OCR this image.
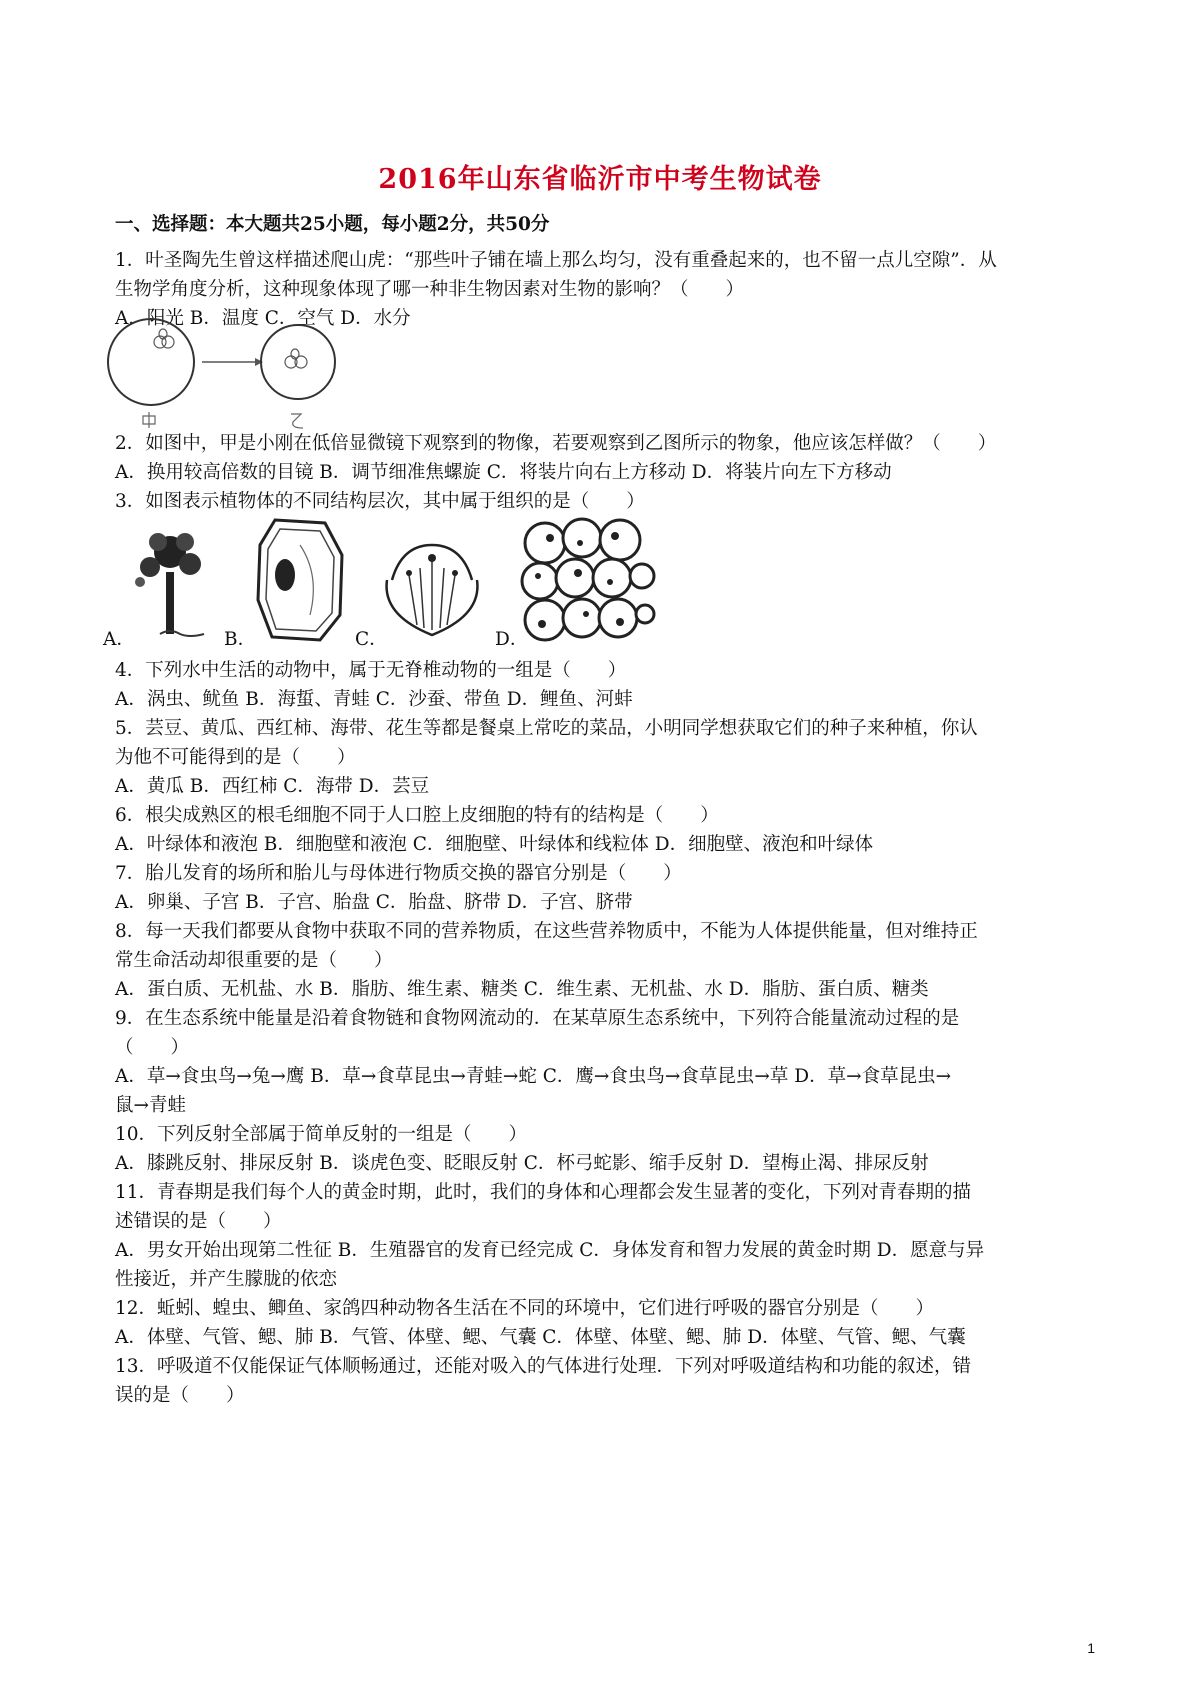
2016年山东省临沂市中考生物试卷
一、选择题：本大题共25小题，每小题2分，共50分
1．叶圣陶先生曾这样描述爬山虎：“那些叶子铺在墙上那么均匀，没有重叠起来的，也不留一点儿空隙”．从
生物学角度分析，这种现象体现了哪一种非生物因素对生物的影响？（　　）
A．阳光 B．温度 C．空气 D．水分
2．如图中，甲是小刚在低倍显微镜下观察到的物像，若要观察到乙图所示的物象，他应该怎样做？（　　）
A．换用较高倍数的目镜 B．调节细准焦螺旋 C．将装片向右上方移动 D．将装片向左下方移动
3．如图表示植物体的不同结构层次，其中属于组织的是（　　）
A．	B．	C．	D．
4．下列水中生活的动物中，属于无脊椎动物的一组是（　　）
A．涡虫、鱿鱼 B．海蜇、青蛙 C．沙蚕、带鱼 D．鲤鱼、河蚌
5．芸豆、黄瓜、西红柿、海带、花生等都是餐桌上常吃的菜品，小明同学想获取它们的种子来种植，你认
为他不可能得到的是（　　）
A．黄瓜 B．西红柿 C．海带 D．芸豆
6．根尖成熟区的根毛细胞不同于人口腔上皮细胞的特有的结构是（　　）
A．叶绿体和液泡 B．细胞壁和液泡 C．细胞壁、叶绿体和线粒体 D．细胞壁、液泡和叶绿体
7．胎儿发育的场所和胎儿与母体进行物质交换的器官分别是（　　）
A．卵巢、子宫 B．子宫、胎盘 C．胎盘、脐带 D．子宫、脐带
8．每一天我们都要从食物中获取不同的营养物质，在这些营养物质中，不能为人体提供能量，但对维持正
常生命活动却很重要的是（　　）
A．蛋白质、无机盐、水 B．脂肪、维生素、糖类 C．维生素、无机盐、水 D．脂肪、蛋白质、糖类
9．在生态系统中能量是沿着食物链和食物网流动的．在某草原生态系统中，下列符合能量流动过程的是
（　　）
A．草→食虫鸟→兔→鹰 B．草→食草昆虫→青蛙→蛇 C．鹰→食虫鸟→食草昆虫→草 D．草→食草昆虫→
鼠→青蛙
10．下列反射全部属于简单反射的一组是（　　）
A．膝跳反射、排尿反射 B．谈虎色变、眨眼反射 C．杯弓蛇影、缩手反射 D．望梅止渴、排尿反射
11．青春期是我们每个人的黄金时期，此时，我们的身体和心理都会发生显著的变化，下列对青春期的描
述错误的是（　　）
A．男女开始出现第二性征 B．生殖器官的发育已经完成 C．身体发育和智力发展的黄金时期 D．愿意与异
性接近，并产生朦胧的依恋
12．蚯蚓、蝗虫、鲫鱼、家鸽四种动物各生活在不同的环境中，它们进行呼吸的器官分别是（　　）
A．体壁、气管、鳃、肺 B．气管、体壁、鳃、气囊 C．体壁、体壁、鳃、肺 D．体壁、气管、鳃、气囊
13．呼吸道不仅能保证气体顺畅通过，还能对吸入的气体进行处理．下列对呼吸道结构和功能的叙述，错
误的是（　　）
1
